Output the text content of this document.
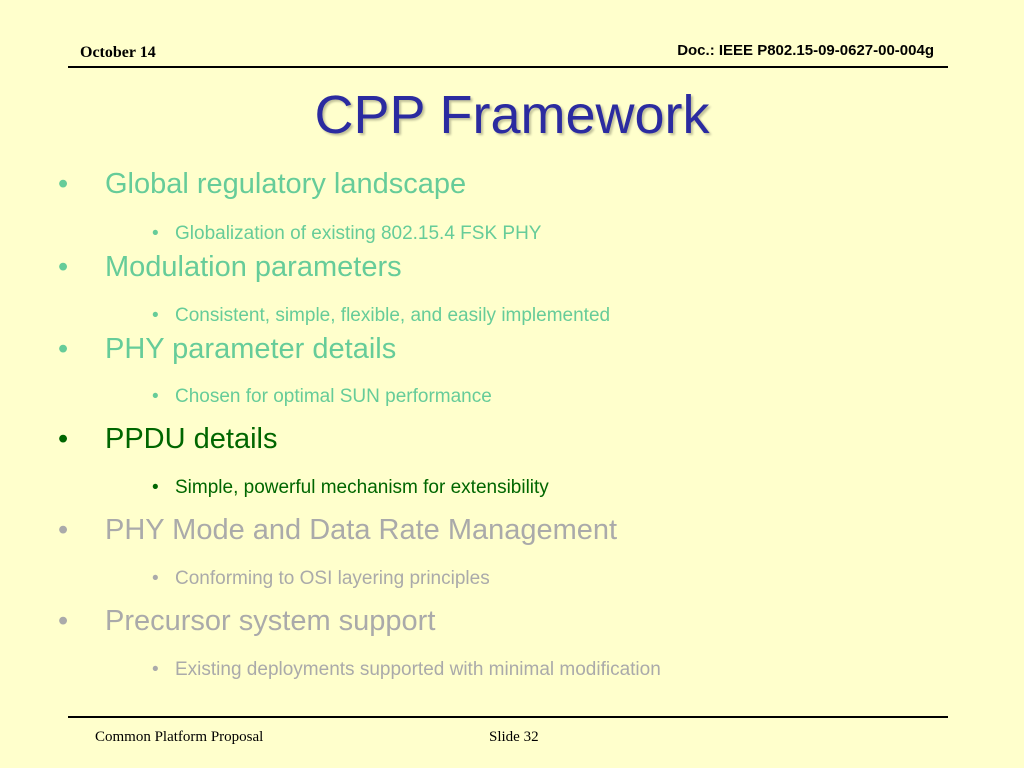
October 14	Doc.: IEEE P802.15-09-0627-00-004g
CPP Framework
• Global regulatory landscape
• Globalization of existing 802.15.4 FSK PHY
• Modulation parameters
• Consistent, simple, flexible, and easily implemented
• PHY parameter details
• Chosen for optimal SUN performance
• PPDU details
• Simple, powerful mechanism for extensibility
• PHY Mode and Data Rate Management
• Conforming to OSI layering principles
• Precursor system support
• Existing deployments supported with minimal modification
Common Platform Proposal	Slide 32
